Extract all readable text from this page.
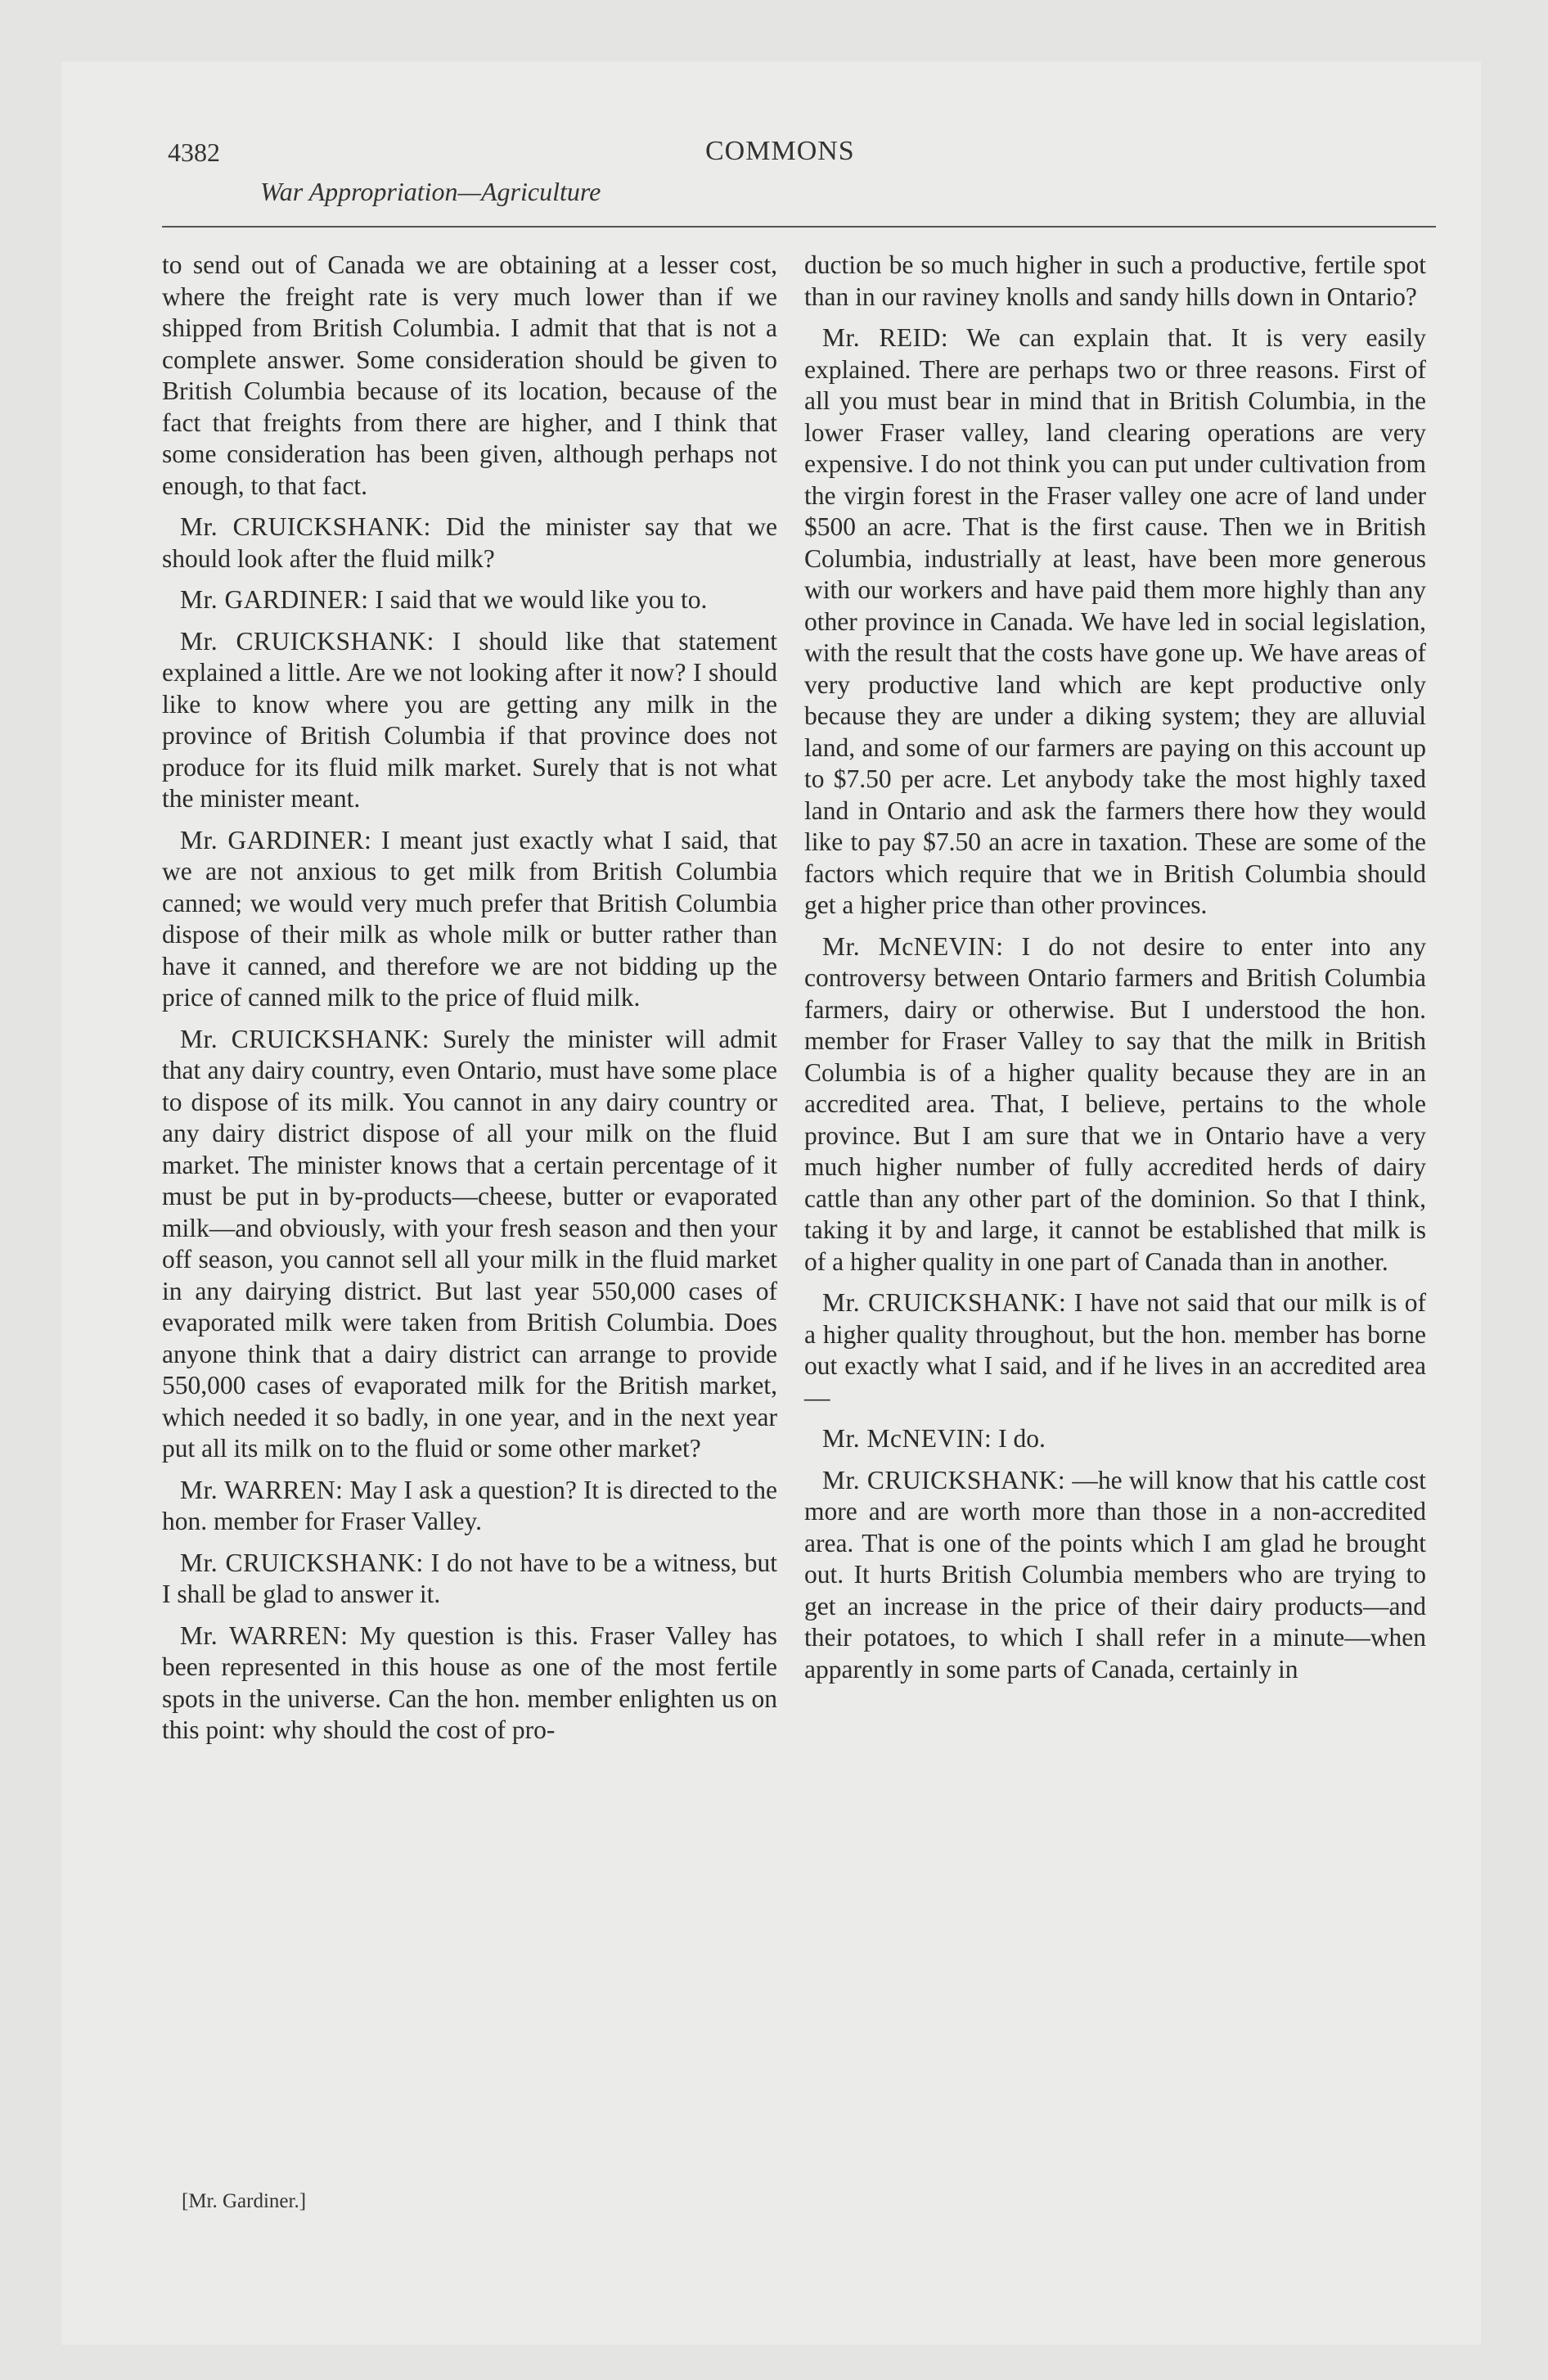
4382	COMMONS
War Appropriation—Agriculture

to send out of Canada we are obtaining at a lesser cost, where the freight rate is very much lower than if we shipped from British Columbia. I admit that that is not a complete answer. Some consideration should be given to British Columbia because of its location, because of the fact that freights from there are higher, and I think that some consideration has been given, although perhaps not enough, to that fact.

Mr. CRUICKSHANK: Did the minister say that we should look after the fluid milk?

Mr. GARDINER: I said that we would like you to.

Mr. CRUICKSHANK: I should like that statement explained a little. Are we not looking after it now? I should like to know where you are getting any milk in the province of British Columbia if that province does not produce for its fluid milk market. Surely that is not what the minister meant.

Mr. GARDINER: I meant just exactly what I said, that we are not anxious to get milk from British Columbia canned; we would very much prefer that British Columbia dispose of their milk as whole milk or butter rather than have it canned, and therefore we are not bidding up the price of canned milk to the price of fluid milk.

Mr. CRUICKSHANK: Surely the minister will admit that any dairy country, even Ontario, must have some place to dispose of its milk. You cannot in any dairy country or any dairy district dispose of all your milk on the fluid market. The minister knows that a certain percentage of it must be put in by-products—cheese, butter or evaporated milk—and obviously, with your fresh season and then your off season, you cannot sell all your milk in the fluid market in any dairying district. But last year 550,000 cases of evaporated milk were taken from British Columbia. Does anyone think that a dairy district can arrange to provide 550,000 cases of evaporated milk for the British market, which needed it so badly, in one year, and in the next year put all its milk on to the fluid or some other market?

Mr. WARREN: May I ask a question? It is directed to the hon. member for Fraser Valley.

Mr. CRUICKSHANK: I do not have to be a witness, but I shall be glad to answer it.

Mr. WARREN: My question is this. Fraser Valley has been represented in this house as one of the most fertile spots in the universe. Can the hon. member enlighten us on this point: why should the cost of pro-

duction be so much higher in such a productive, fertile spot than in our raviney knolls and sandy hills down in Ontario?

Mr. REID: We can explain that. It is very easily explained. There are perhaps two or three reasons. First of all you must bear in mind that in British Columbia, in the lower Fraser valley, land clearing operations are very expensive. I do not think you can put under cultivation from the virgin forest in the Fraser valley one acre of land under $500 an acre. That is the first cause. Then we in British Columbia, industrially at least, have been more generous with our workers and have paid them more highly than any other province in Canada. We have led in social legislation, with the result that the costs have gone up. We have areas of very productive land which are kept productive only because they are under a diking system; they are alluvial land, and some of our farmers are paying on this account up to $7.50 per acre. Let anybody take the most highly taxed land in Ontario and ask the farmers there how they would like to pay $7.50 an acre in taxation. These are some of the factors which require that we in British Columbia should get a higher price than other provinces.

Mr. McNEVIN: I do not desire to enter into any controversy between Ontario farmers and British Columbia farmers, dairy or otherwise. But I understood the hon. member for Fraser Valley to say that the milk in British Columbia is of a higher quality because they are in an accredited area. That, I believe, pertains to the whole province. But I am sure that we in Ontario have a very much higher number of fully accredited herds of dairy cattle than any other part of the dominion. So that I think, taking it by and large, it cannot be established that milk is of a higher quality in one part of Canada than in another.

Mr. CRUICKSHANK: I have not said that our milk is of a higher quality throughout, but the hon. member has borne out exactly what I said, and if he lives in an accredited area—

Mr. McNEVIN: I do.

Mr. CRUICKSHANK: —he will know that his cattle cost more and are worth more than those in a non-accredited area. That is one of the points which I am glad he brought out. It hurts British Columbia members who are trying to get an increase in the price of their dairy products—and their potatoes, to which I shall refer in a minute—when apparently in some parts of Canada, certainly in

[Mr. Gardiner.]
